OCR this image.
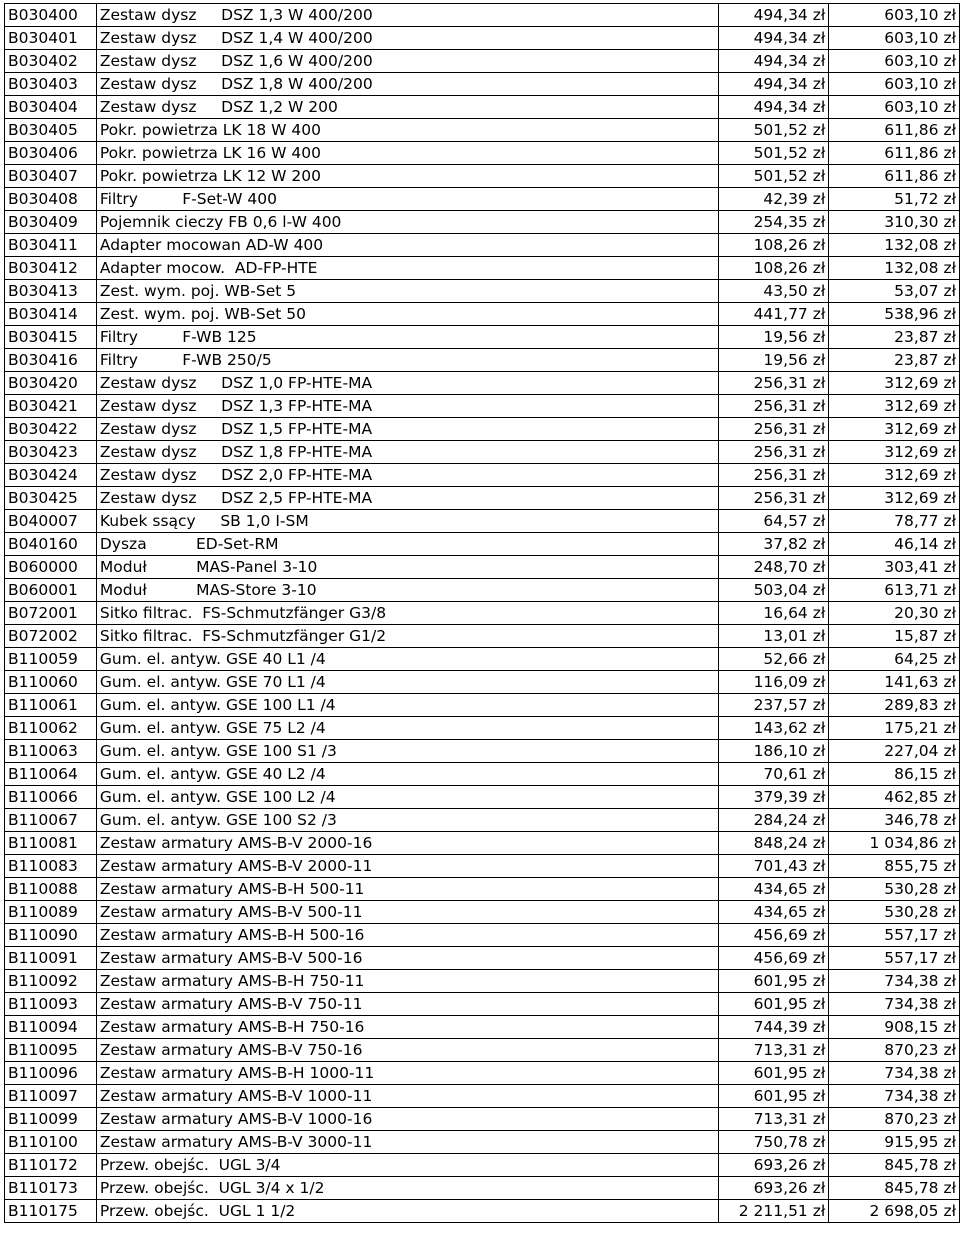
B030400	Zestaw dysz     DSZ 1,3 W 400/200	494,34 zł	603,10 zł
B030401	Zestaw dysz     DSZ 1,4 W 400/200	494,34 zł	603,10 zł
B030402	Zestaw dysz     DSZ 1,6 W 400/200	494,34 zł	603,10 zł
B030403	Zestaw dysz     DSZ 1,8 W 400/200	494,34 zł	603,10 zł
B030404	Zestaw dysz     DSZ 1,2 W 200	494,34 zł	603,10 zł
B030405	Pokr. powietrza LK 18 W 400	501,52 zł	611,86 zł
B030406	Pokr. powietrza LK 16 W 400	501,52 zł	611,86 zł
B030407	Pokr. powietrza LK 12 W 200	501,52 zł	611,86 zł
B030408	Filtry         F-Set-W 400	42,39 zł	51,72 zł
B030409	Pojemnik cieczy FB 0,6 l-W 400	254,35 zł	310,30 zł
B030411	Adapter mocowan AD-W 400	108,26 zł	132,08 zł
B030412	Adapter mocow.  AD-FP-HTE	108,26 zł	132,08 zł
B030413	Zest. wym. poj. WB-Set 5	43,50 zł	53,07 zł
B030414	Zest. wym. poj. WB-Set 50	441,77 zł	538,96 zł
B030415	Filtry         F-WB 125	19,56 zł	23,87 zł
B030416	Filtry         F-WB 250/5	19,56 zł	23,87 zł
B030420	Zestaw dysz     DSZ 1,0 FP-HTE-MA	256,31 zł	312,69 zł
B030421	Zestaw dysz     DSZ 1,3 FP-HTE-MA	256,31 zł	312,69 zł
B030422	Zestaw dysz     DSZ 1,5 FP-HTE-MA	256,31 zł	312,69 zł
B030423	Zestaw dysz     DSZ 1,8 FP-HTE-MA	256,31 zł	312,69 zł
B030424	Zestaw dysz     DSZ 2,0 FP-HTE-MA	256,31 zł	312,69 zł
B030425	Zestaw dysz     DSZ 2,5 FP-HTE-MA	256,31 zł	312,69 zł
B040007	Kubek ssący     SB 1,0 I-SM	64,57 zł	78,77 zł
B040160	Dysza          ED-Set-RM	37,82 zł	46,14 zł
B060000	Moduł          MAS-Panel 3-10	248,70 zł	303,41 zł
B060001	Moduł          MAS-Store 3-10	503,04 zł	613,71 zł
B072001	Sitko filtrac.  FS-Schmutzfänger G3/8	16,64 zł	20,30 zł
B072002	Sitko filtrac.  FS-Schmutzfänger G1/2	13,01 zł	15,87 zł
B110059	Gum. el. antyw. GSE 40 L1 /4	52,66 zł	64,25 zł
B110060	Gum. el. antyw. GSE 70 L1 /4	116,09 zł	141,63 zł
B110061	Gum. el. antyw. GSE 100 L1 /4	237,57 zł	289,83 zł
B110062	Gum. el. antyw. GSE 75 L2 /4	143,62 zł	175,21 zł
B110063	Gum. el. antyw. GSE 100 S1 /3	186,10 zł	227,04 zł
B110064	Gum. el. antyw. GSE 40 L2 /4	70,61 zł	86,15 zł
B110066	Gum. el. antyw. GSE 100 L2 /4	379,39 zł	462,85 zł
B110067	Gum. el. antyw. GSE 100 S2 /3	284,24 zł	346,78 zł
B110081	Zestaw armatury AMS-B-V 2000-16	848,24 zł	1 034,86 zł
B110083	Zestaw armatury AMS-B-V 2000-11	701,43 zł	855,75 zł
B110088	Zestaw armatury AMS-B-H 500-11	434,65 zł	530,28 zł
B110089	Zestaw armatury AMS-B-V 500-11	434,65 zł	530,28 zł
B110090	Zestaw armatury AMS-B-H 500-16	456,69 zł	557,17 zł
B110091	Zestaw armatury AMS-B-V 500-16	456,69 zł	557,17 zł
B110092	Zestaw armatury AMS-B-H 750-11	601,95 zł	734,38 zł
B110093	Zestaw armatury AMS-B-V 750-11	601,95 zł	734,38 zł
B110094	Zestaw armatury AMS-B-H 750-16	744,39 zł	908,15 zł
B110095	Zestaw armatury AMS-B-V 750-16	713,31 zł	870,23 zł
B110096	Zestaw armatury AMS-B-H 1000-11	601,95 zł	734,38 zł
B110097	Zestaw armatury AMS-B-V 1000-11	601,95 zł	734,38 zł
B110099	Zestaw armatury AMS-B-V 1000-16	713,31 zł	870,23 zł
B110100	Zestaw armatury AMS-B-V 3000-11	750,78 zł	915,95 zł
B110172	Przew. obejśc.  UGL 3/4	693,26 zł	845,78 zł
B110173	Przew. obejśc.  UGL 3/4 x 1/2	693,26 zł	845,78 zł
B110175	Przew. obejśc.  UGL 1 1/2	2 211,51 zł	2 698,05 zł
